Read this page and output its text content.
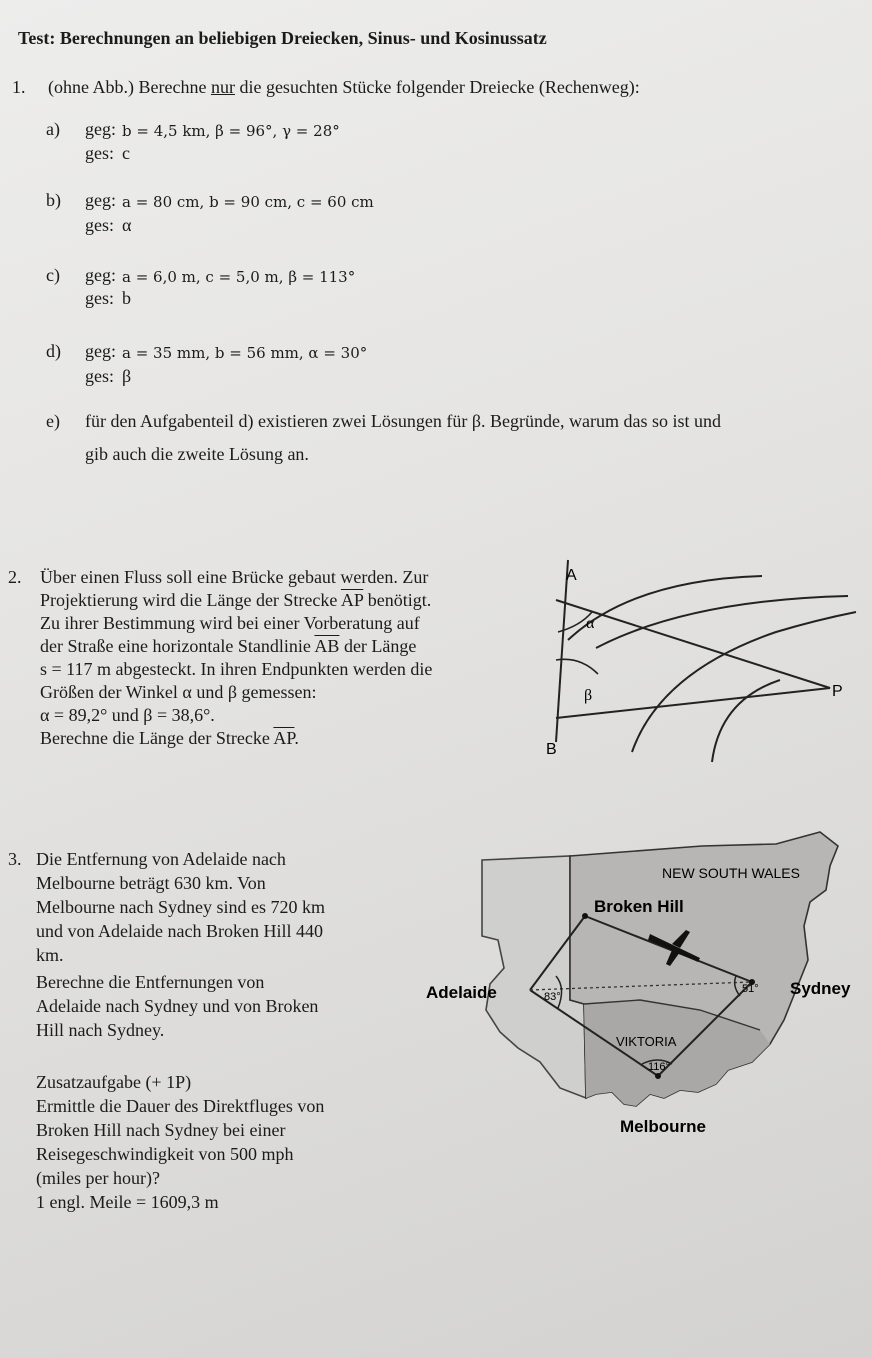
Test: Berechnungen an beliebigen Dreiecken, Sinus- und Kosinussatz
1. (ohne Abb.) Berechne nur die gesuchten Stücke folgender Dreiecke (Rechenweg):
a) geg: b = 4,5 km, β = 96°, γ = 28°
ges: c
b) geg: a = 80 cm, b = 90 cm, c = 60 cm
ges: α
c) geg: a = 6,0 m, c = 5,0 m, β = 113°
ges: b
d) geg: a = 35 mm, b = 56 mm, α = 30°
ges: β
e) für den Aufgabenteil d) existieren zwei Lösungen für β. Begründe, warum das so ist und
gib auch die zweite Lösung an.
2. Über einen Fluss soll eine Brücke gebaut werden. Zur
Projektierung wird die Länge der Strecke $\overline{AP}$ benötigt.
Zu ihrer Bestimmung wird bei einer Vorberatung auf
der Straße eine horizontale Standlinie $\overline{AB}$ der Länge
s = 117 m abgesteckt. In ihren Endpunkten werden die
Größen der Winkel α und β gemessen:
α = 89,2° und β = 38,6°.
Berechne die Länge der Strecke $\overline{AP}$.
A
B
P
α
β
3. Die Entfernung von Adelaide nach
Melbourne beträgt 630 km. Von
Melbourne nach Sydney sind es 720 km
und von Adelaide nach Broken Hill 440
km.
Berechne die Entfernungen von
Adelaide nach Sydney und von Broken
Hill nach Sydney.
Zusatzaufgabe (+ 1P)
Ermittle die Dauer des Direktfluges von
Broken Hill nach Sydney bei einer
Reisegeschwindigkeit von 500 mph
(miles per hour)?
1 engl. Meile = 1609,3 m
NEW SOUTH WALES
Broken Hill
Adelaide	Sydney
VIKTORIA
Melbourne
83°
51°
116°
